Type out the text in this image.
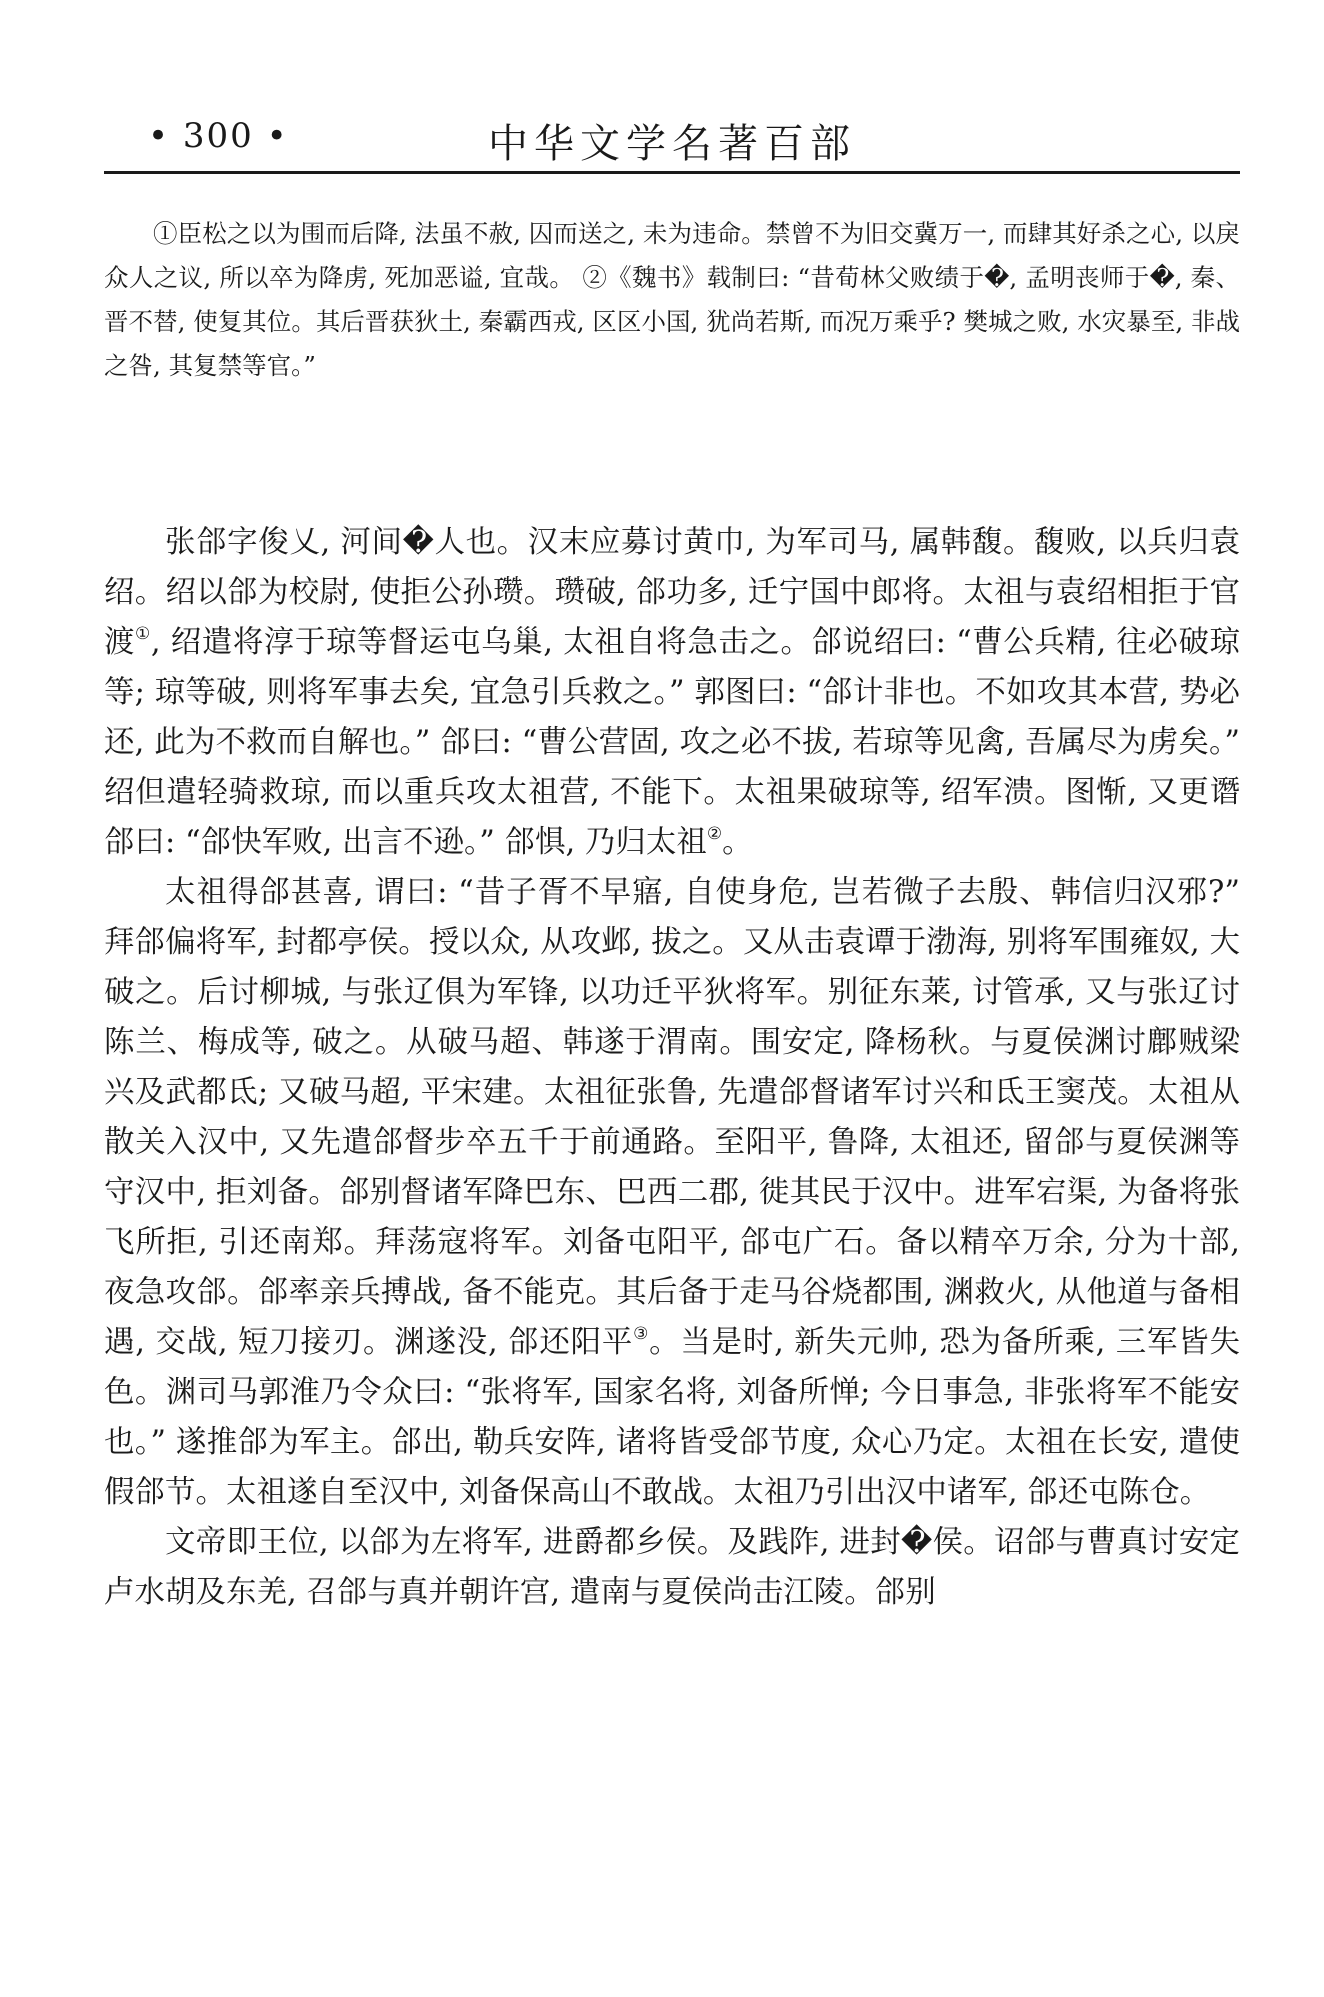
• 300 •	中华文学名著百部

①臣松之以为围而后降, 法虽不赦, 囚而送之, 未为违命。禁曾不为旧交冀万一, 而肆其好杀之心, 以戾众人之议, 所以卒为降虏, 死加恶谥, 宜哉。 ②《魏书》载制曰: “昔荀林父败绩于�, 孟明丧师于�, 秦、晋不替, 使复其位。其后晋获狄土, 秦霸西戎, 区区小国, 犹尚若斯, 而况万乘乎? 樊城之败, 水灾暴至, 非战之咎, 其复禁等官。”

张郃字俊乂, 河间�人也。汉末应募讨黄巾, 为军司马, 属韩馥。馥败, 以兵归袁绍。绍以郃为校尉, 使拒公孙瓒。瓒破, 郃功多, 迁宁国中郎将。太祖与袁绍相拒于官渡①, 绍遣将淳于琼等督运屯乌巢, 太祖自将急击之。郃说绍曰: “曹公兵精, 往必破琼等; 琼等破, 则将军事去矣, 宜急引兵救之。” 郭图曰: “郃计非也。不如攻其本营, 势必还, 此为不救而自解也。” 郃曰: “曹公营固, 攻之必不拔, 若琼等见禽, 吾属尽为虏矣。” 绍但遣轻骑救琼, 而以重兵攻太祖营, 不能下。太祖果破琼等, 绍军溃。图惭, 又更谮郃曰: “郃快军败, 出言不逊。” 郃惧, 乃归太祖②。

太祖得郃甚喜, 谓曰: “昔子胥不早寤, 自使身危, 岂若微子去殷、韩信归汉邪?” 拜郃偏将军, 封都亭侯。授以众, 从攻邺, 拔之。又从击袁谭于渤海, 别将军围雍奴, 大破之。后讨柳城, 与张辽俱为军锋, 以功迁平狄将军。别征东莱, 讨管承, 又与张辽讨陈兰、梅成等, 破之。从破马超、韩遂于渭南。围安定, 降杨秋。与夏侯渊讨鄜贼梁兴及武都氐; 又破马超, 平宋建。太祖征张鲁, 先遣郃督诸军讨兴和氐王窦茂。太祖从散关入汉中, 又先遣郃督步卒五千于前通路。至阳平, 鲁降, 太祖还, 留郃与夏侯渊等守汉中, 拒刘备。郃别督诸军降巴东、巴西二郡, 徙其民于汉中。进军宕渠, 为备将张飞所拒, 引还南郑。拜荡寇将军。刘备屯阳平, 郃屯广石。备以精卒万余, 分为十部, 夜急攻郃。郃率亲兵搏战, 备不能克。其后备于走马谷烧都围, 渊救火, 从他道与备相遇, 交战, 短刀接刃。渊遂没, 郃还阳平③。当是时, 新失元帅, 恐为备所乘, 三军皆失色。渊司马郭淮乃令众曰: “张将军, 国家名将, 刘备所惮; 今日事急, 非张将军不能安也。” 遂推郃为军主。郃出, 勒兵安阵, 诸将皆受郃节度, 众心乃定。太祖在长安, 遣使假郃节。太祖遂自至汉中, 刘备保高山不敢战。太祖乃引出汉中诸军, 郃还屯陈仓。

文帝即王位, 以郃为左将军, 进爵都乡侯。及践阼, 进封�侯。诏郃与曹真讨安定卢水胡及东羌, 召郃与真并朝许宫, 遣南与夏侯尚击江陵。郃别
